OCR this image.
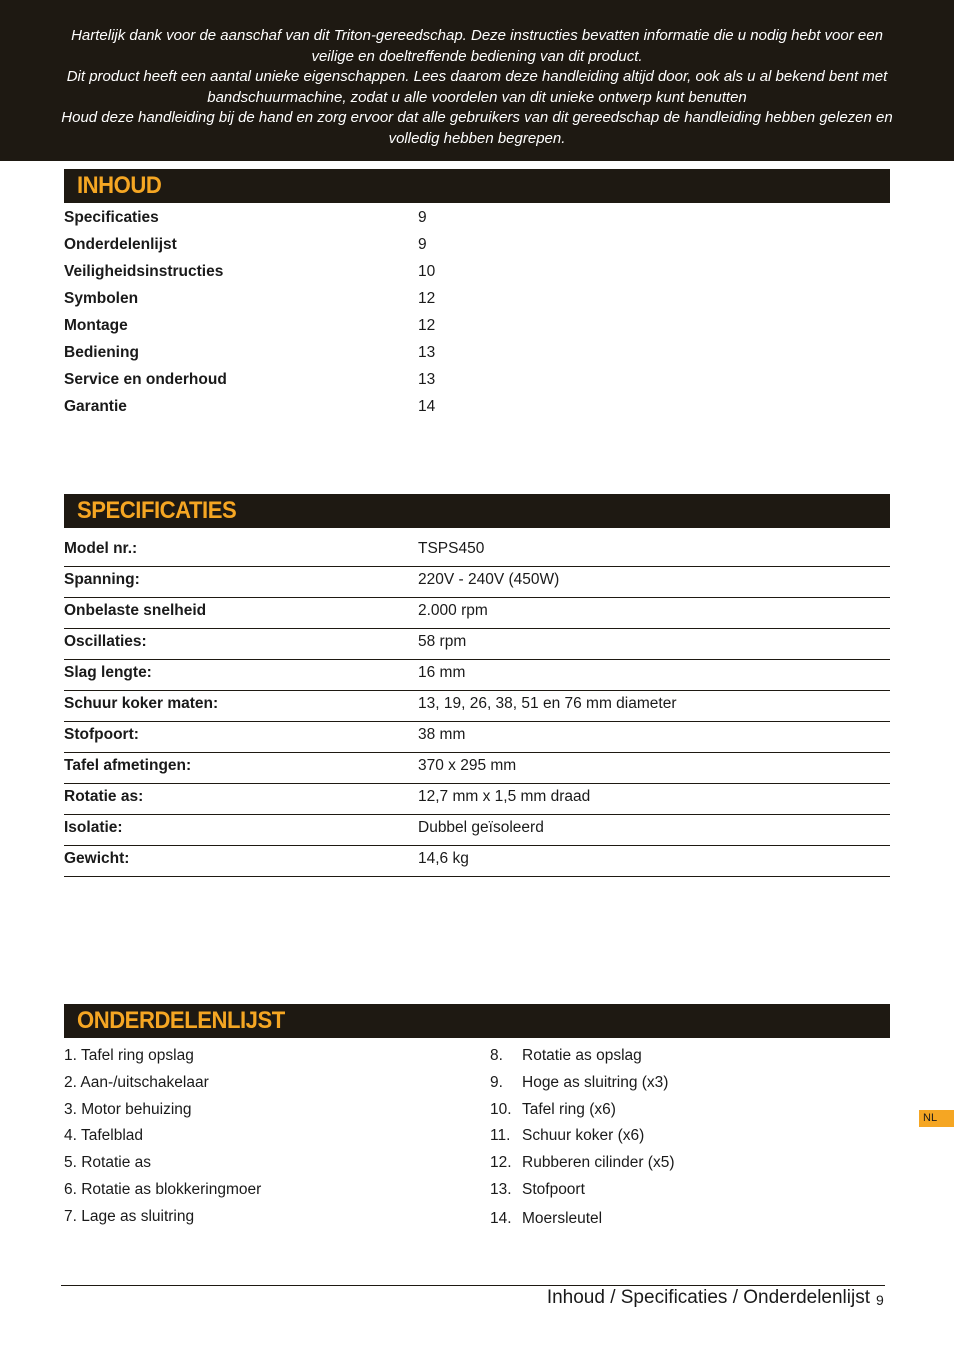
Hartelijk dank voor de aanschaf van dit Triton-gereedschap. Deze instructies bevatten informatie die u nodig hebt voor een veilige en doeltreffende bediening van dit product.

Dit product heeft een aantal unieke eigenschappen. Lees daarom deze handleiding altijd door, ook als u al bekend bent met bandschuurmachine, zodat u alle voordelen van dit unieke ontwerp kunt benutten

Houd deze handleiding bij de hand en zorg ervoor dat alle gebruikers van dit gereedschap de handleiding hebben gelezen en volledig hebben begrepen.

INHOUD
Specificaties	9
Onderdelenlijst	9
Veiligheidsinstructies	10
Symbolen	12
Montage	12
Bediening	13
Service en onderhoud	13
Garantie	14
SPECIFICATIES
Model nr.:	TSPS450
Spanning:	220V - 240V (450W)
Onbelaste snelheid	2.000 rpm
Oscillaties:	58 rpm
Slag lengte:	16 mm
Schuur koker maten:	13, 19, 26, 38, 51 en 76 mm diameter
Stofpoort:	38 mm
Tafel afmetingen:	370 x 295 mm
Rotatie as:	12,7 mm x 1,5 mm draad
Isolatie:	Dubbel geïsoleerd
Gewicht:	14,6 kg
ONDERDELENLIJST
1. Tafel ring opslag
2. Aan-/uitschakelaar
3. Motor behuizing
4. Tafelblad
5. Rotatie as
6. Rotatie as blokkeringmoer
7. Lage as sluitring
8. Rotatie as opslag
9. Hoge as sluitring (x3)
10. Tafel ring (x6)
11. Schuur koker (x6)
12. Rubberen cilinder (x5)
13. Stofpoort
14. Moersleutel
NL
Inhoud / Specificaties / Onderdelenlijst 9
